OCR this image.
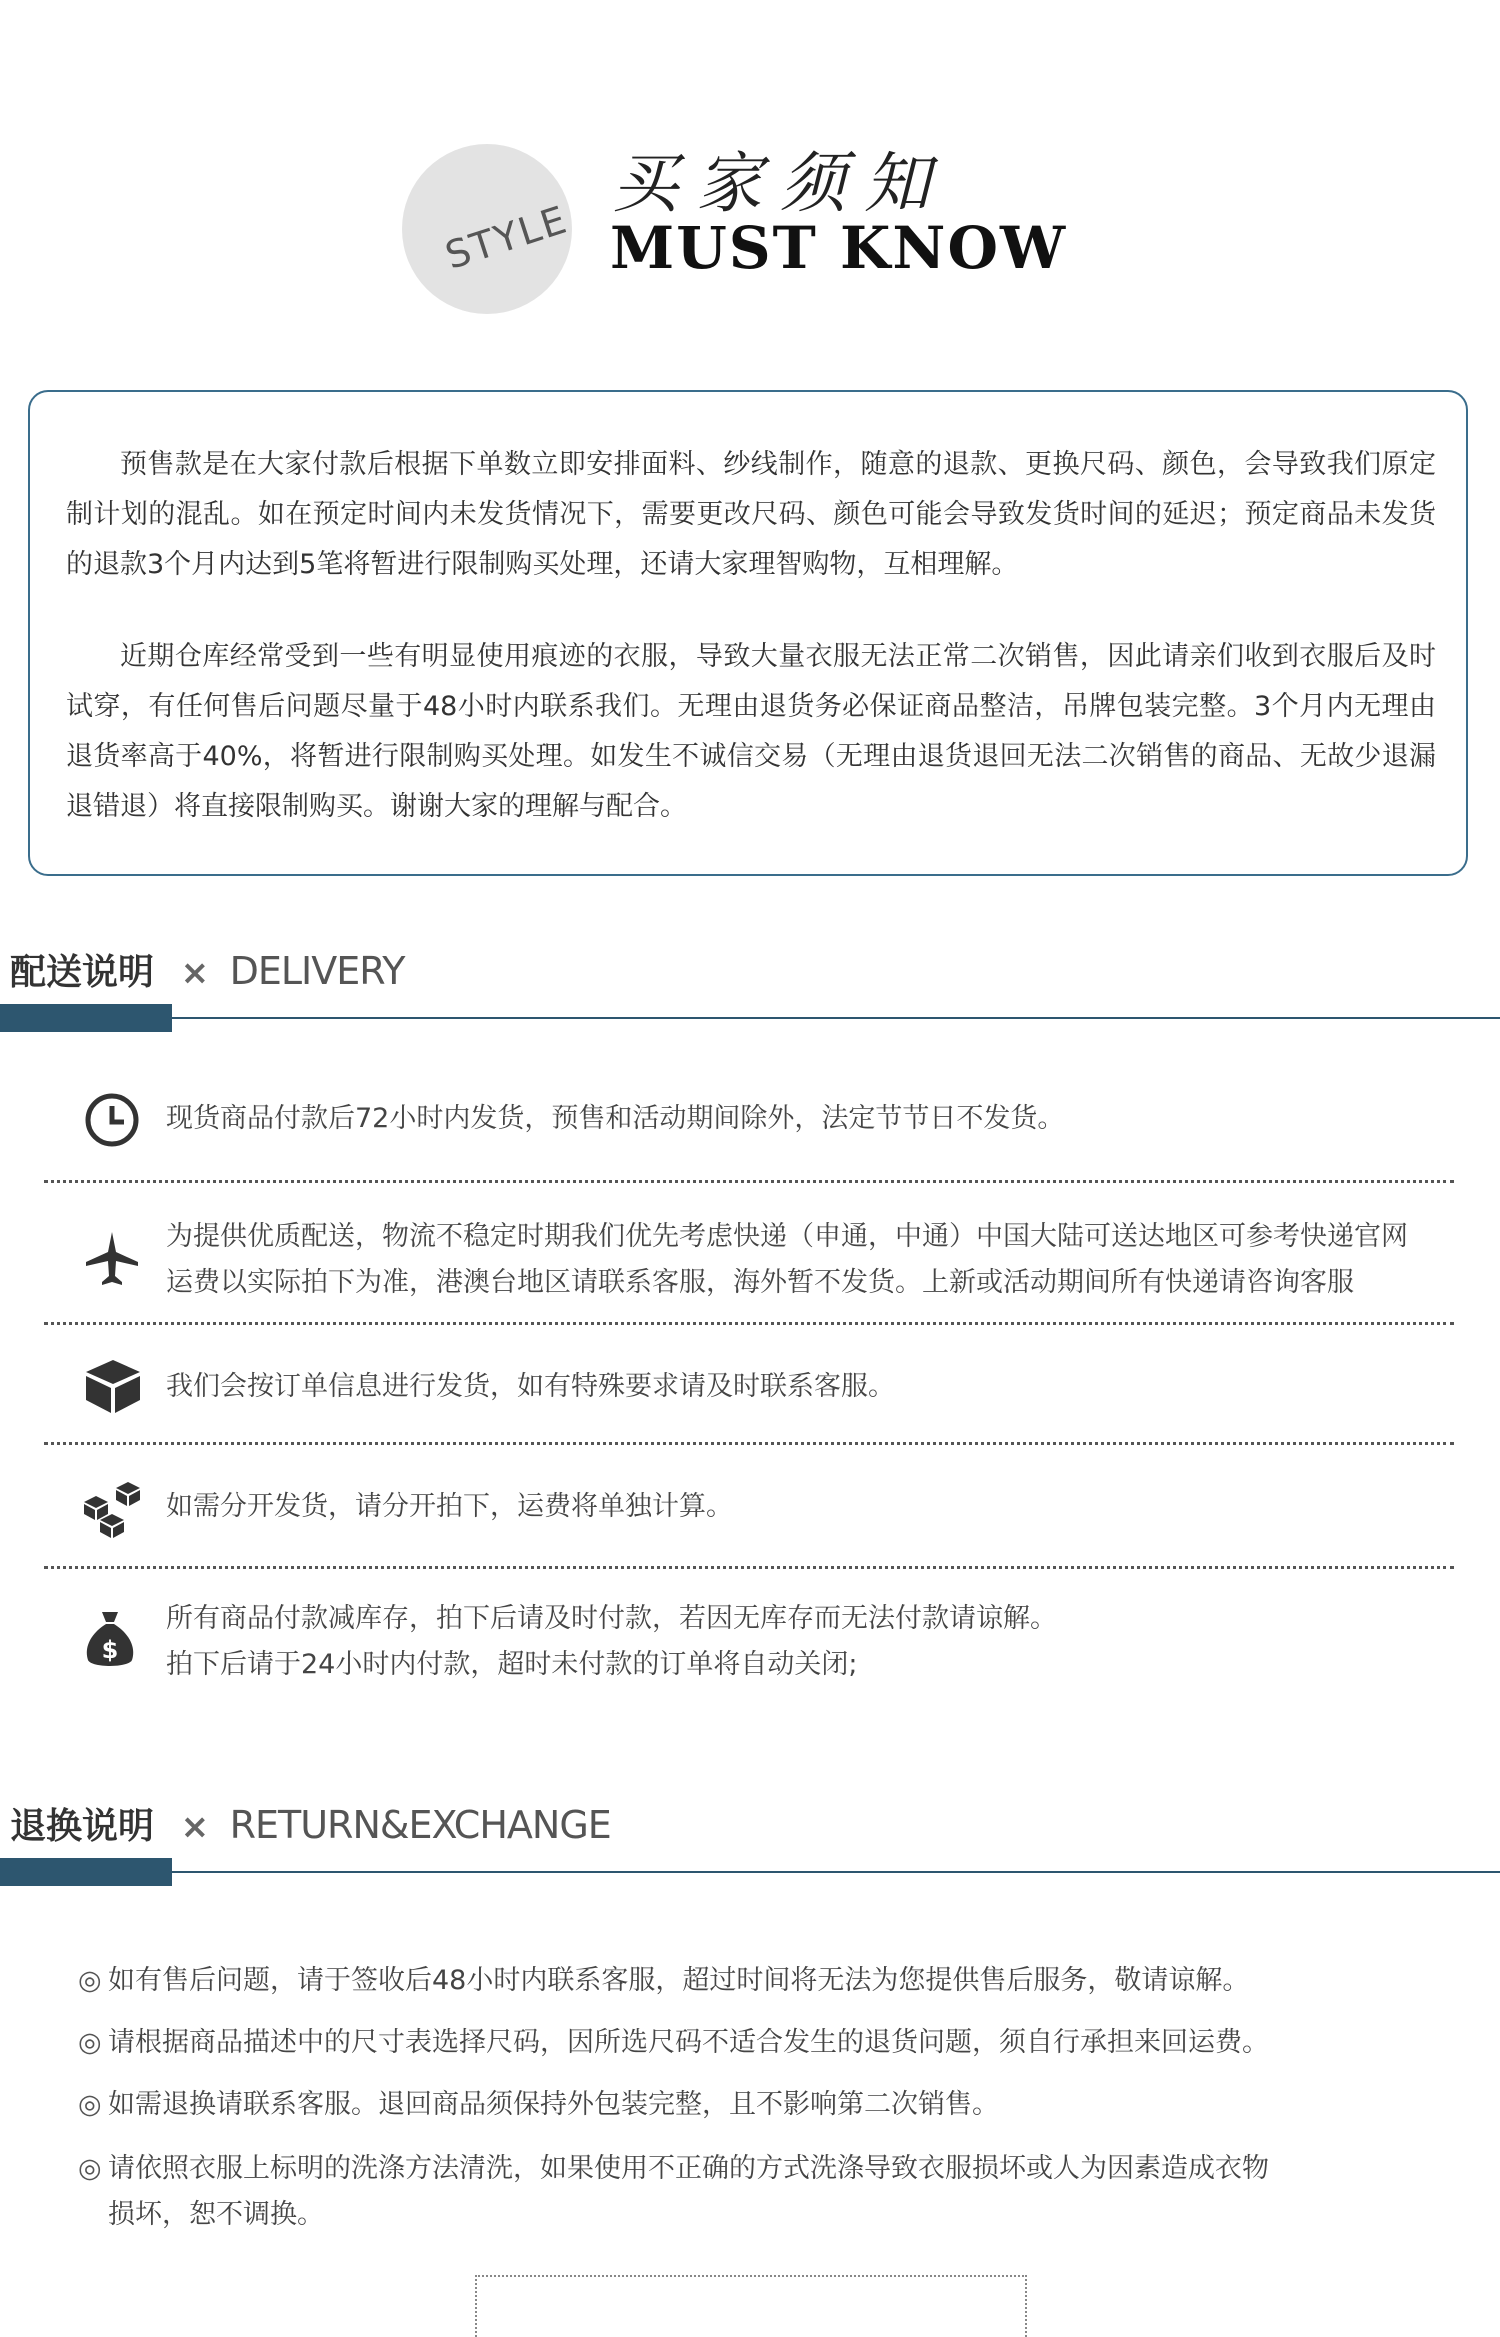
STYLE
买家须知
MUST KNOW
预售款是在大家付款后根据下单数立即安排面料、纱线制作，随意的退款、更换尺码、颜色，会导致我们原定制计划的混乱。如在预定时间内未发货情况下，需要更改尺码、颜色可能会导致发货时间的延迟；预定商品未发货的退款3个月内达到5笔将暂进行限制购买处理，还请大家理智购物，互相理解。
近期仓库经常受到一些有明显使用痕迹的衣服，导致大量衣服无法正常二次销售，因此请亲们收到衣服后及时试穿，有任何售后问题尽量于48小时内联系我们。无理由退货务必保证商品整洁，吊牌包装完整。3个月内无理由退货率高于40%，将暂进行限制购买处理。如发生不诚信交易（无理由退货退回无法二次销售的商品、无故少退漏退错退）将直接限制购买。谢谢大家的理解与配合。
配送说明 × DELIVERY
现货商品付款后72小时内发货，预售和活动期间除外，法定节节日不发货。
为提供优质配送，物流不稳定时期我们优先考虑快递（申通，中通）中国大陆可送达地区可参考快递官网
运费以实际拍下为准，港澳台地区请联系客服，海外暂不发货。上新或活动期间所有快递请咨询客服
我们会按订单信息进行发货，如有特殊要求请及时联系客服。
如需分开发货，请分开拍下，运费将单独计算。
$
所有商品付款减库存，拍下后请及时付款，若因无库存而无法付款请谅解。
拍下后请于24小时内付款，超时未付款的订单将自动关闭;
退换说明 × RETURN&EXCHANGE
◎ 如有售后问题，请于签收后48小时内联系客服，超过时间将无法为您提供售后服务，敬请谅解。
◎ 请根据商品描述中的尺寸表选择尺码，因所选尺码不适合发生的退货问题，须自行承担来回运费。
◎ 如需退换请联系客服。退回商品须保持外包装完整，且不影响第二次销售。
◎ 请依照衣服上标明的洗涤方法清洗，如果使用不正确的方式洗涤导致衣服损坏或人为因素造成衣物
损坏，恕不调换。
